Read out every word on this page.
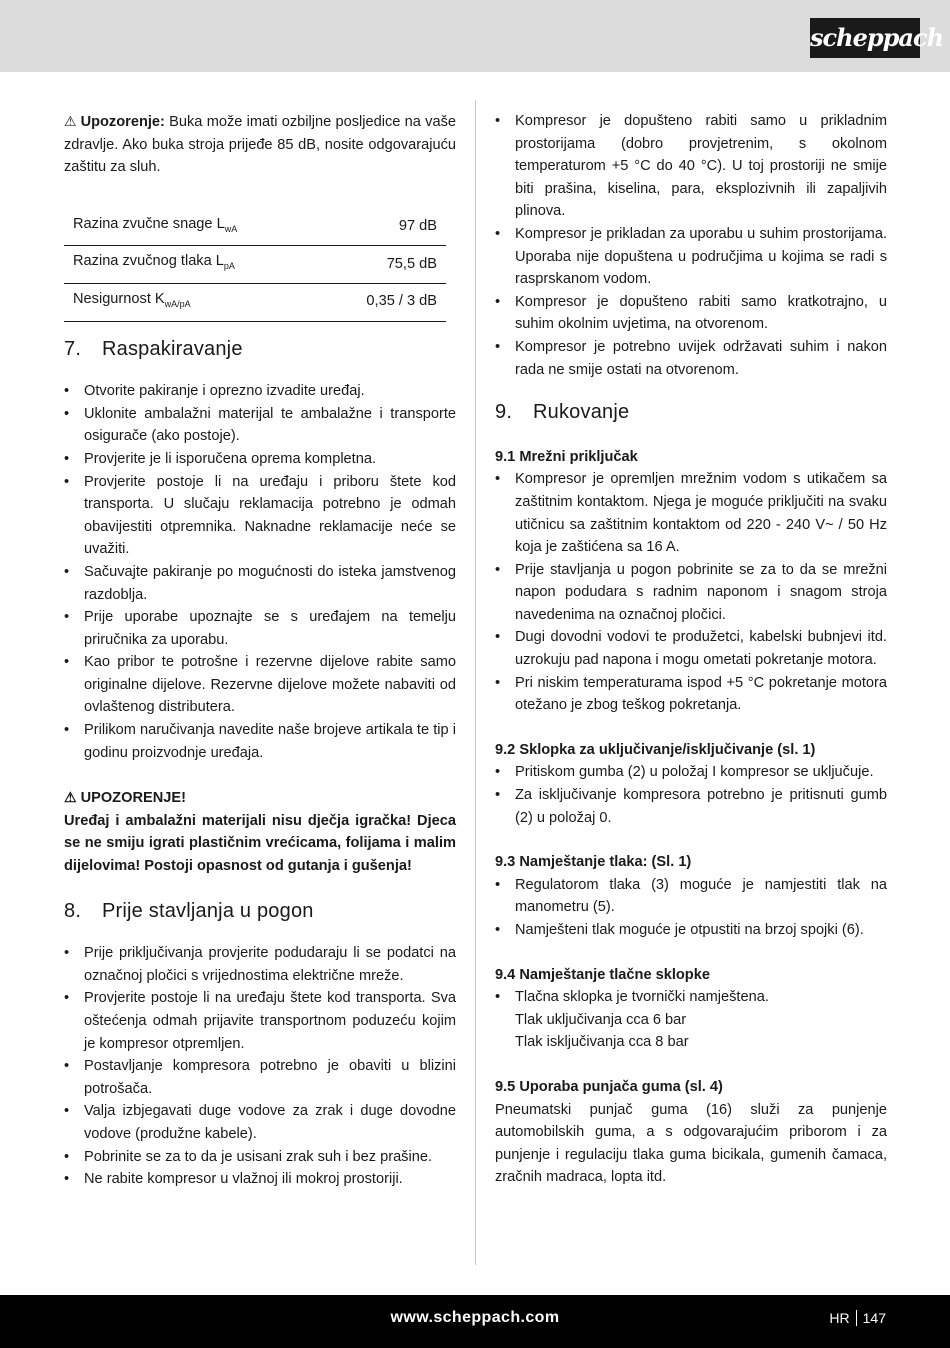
scheppach

⚠ Upozorenje: Buka može imati ozbiljne posljedice na vaše zdravlje. Ako buka stroja prijeđe 85 dB, nosite odgovarajuću zaštitu za sluh.

Razina zvučne snage $L_{wA}$	97 dB
Razina zvučnog tlaka $L_{pA}$	75,5 dB
Nesigurnost $K_{wA/pA}$	0,35 / 3 dB
7. Raspakiravanje
• Otvorite pakiranje i oprezno izvadite uređaj.
• Uklonite ambalažni materijal te ambalažne i transporte osigurače (ako postoje).
• Provjerite je li isporučena oprema kompletna.
• Provjerite postoje li na uređaju i priboru štete kod transporta. U slučaju reklamacija potrebno je odmah obavijestiti otpremnika. Naknadne reklamacije neće se uvažiti.
• Sačuvajte pakiranje po mogućnosti do isteka jamstvenog razdoblja.
• Prije uporabe upoznajte se s uređajem na temelju priručnika za uporabu.
• Kao pribor te potrošne i rezervne dijelove rabite samo originalne dijelove. Rezervne dijelove možete nabaviti od ovlaštenog distributera.
• Prilikom naručivanja navedite naše brojeve artikala te tip i godinu proizvodnje uređaja.

⚠ UPOZORENJE!

Uređaj i ambalažni materijali nisu dječja igračka! Djeca se ne smiju igrati plastičnim vrećicama, folijama i malim dijelovima! Postoji opasnost od gutanja i gušenja!

8. Prije stavljanja u pogon
• Prije priključivanja provjerite podudaraju li se podatci na označnoj pločici s vrijednostima električne mreže.
• Provjerite postoje li na uređaju štete kod transporta. Sva oštećenja odmah prijavite transportnom poduzeću kojim je kompresor otpremljen.
• Postavljanje kompresora potrebno je obaviti u blizini potrošača.
• Valja izbjegavati duge vodove za zrak i duge dovodne vodove (produžne kabele).
• Pobrinite se za to da je usisani zrak suh i bez prašine.
• Ne rabite kompresor u vlažnoj ili mokroj prostoriji.
• Kompresor je dopušteno rabiti samo u prikladnim prostorijama (dobro provjetrenim, s okolnom temperaturom +5 °C do 40 °C). U toj prostoriji ne smije biti prašina, kiselina, para, eksplozivnih ili zapaljivih plinova.
• Kompresor je prikladan za uporabu u suhim prostorijama. Uporaba nije dopuštena u područjima u kojima se radi s rasprskanom vodom.
• Kompresor je dopušteno rabiti samo kratkotrajno, u suhim okolnim uvjetima, na otvorenom.
• Kompresor je potrebno uvijek održavati suhim i nakon rada ne smije ostati na otvorenom.
9. Rukovanje
9.1 Mrežni priključak
• Kompresor je opremljen mrežnim vodom s utikačem sa zaštitnim kontaktom. Njega je moguće priključiti na svaku utičnicu sa zaštitnim kontaktom od 220 - 240 V~ / 50 Hz koja je zaštićena sa 16 A.
• Prije stavljanja u pogon pobrinite se za to da se mrežni napon podudara s radnim naponom i snagom stroja navedenima na označnoj pločici.
• Dugi dovodni vodovi te produžetci, kabelski bubnjevi itd. uzrokuju pad napona i mogu ometati pokretanje motora.
• Pri niskim temperaturama ispod +5 °C pokretanje motora otežano je zbog teškog pokretanja.
9.2 Sklopka za uključivanje/isključivanje (sl. 1)
• Pritiskom gumba (2) u položaj I kompresor se uključuje.
• Za isključivanje kompresora potrebno je pritisnuti gumb (2) u položaj 0.
9.3 Namještanje tlaka: (Sl. 1)
• Regulatorom tlaka (3) moguće je namjestiti tlak na manometru (5).
• Namješteni tlak moguće je otpustiti na brzoj spojki (6).
9.4 Namještanje tlačne sklopke
• Tlačna sklopka je tvornički namještena.
Tlak uključivanja cca 6 bar
Tlak isključivanja cca 8 bar
9.5 Uporaba punjača guma (sl. 4)

Pneumatski punjač guma (16) služi za punjenje automobilskih guma, a s odgovarajućim priborom i za punjenje i regulaciju tlaka guma bicikala, gumenih čamaca, zračnih madraca, lopta itd.

www.scheppach.com	HR 147
